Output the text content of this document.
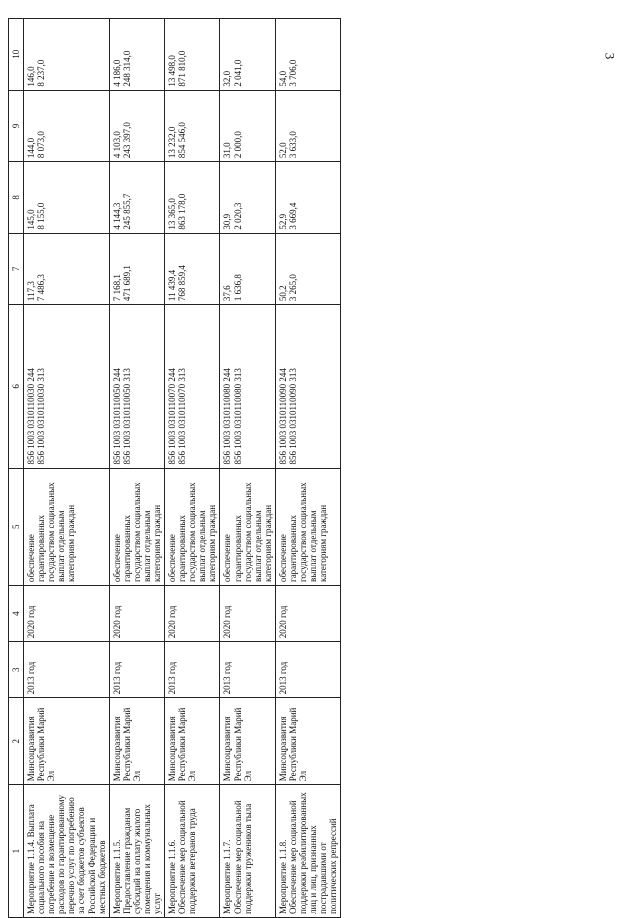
3
1	2	3	4	5	6	7	8	9	10
Мероприятие 1.1.4. Выплата социального пособия на погребение и возмещение расходов по гарантированному перечню услуг по погребению за счет бюджетов субъектов Российской Федерации и местных бюджетов	Минсоцразвития Республики Марий Эл	2013 год	2020 год	обеспечение гарантированных государством социальных выплат отдельным категориям граждан	856 1003 0310110030 244 856 1003 0310110030 313	117,3 7 486,3	145,0 8 155,0	144,0 8 073,0	146,0 8 237,0

Мероприятие 1.1.5. Предоставление гражданам субсидий на оплату жилого помещения и коммунальных услуг	Минсоцразвития Республики Марий Эл	2013 год	2020 год	обеспечение гарантированных государством социальных выплат отдельным категориям граждан	856 1003 0310110050 244 856 1003 0310110050 313	7 168,1 471 689,1	4 144,3 245 855,7	4 103,0 243 397,0	4 186,0 248 314,0

Мероприятие 1.1.6. Обеспечение мер социальной поддержки ветеранов труда	Минсоцразвития Республики Марий Эл	2013 год	2020 год	обеспечение гарантированных государством социальных выплат отдельным категориям граждан	856 1003 0310110070 244 856 1003 0310110070 313	11 439,4 768 859,4	13 365,0 863 178,0	13 232,0 854 546,0	13 498,0 871 810,0

Мероприятие 1.1.7. Обеспечение мер социальной поддержки тружеников тыла	Минсоцразвития Республики Марий Эл	2013 год	2020 год	обеспечение гарантированных государством социальных выплат отдельным категориям граждан	856 1003 0310110080 244 856 1003 0310110080 313	37,6 1 636,8	30,9 2 020,3	31,0 2 000,0	32,0 2 041,0

Мероприятие 1.1.8. Обеспечение мер социальной поддержки реабилитированных лиц и лиц, признанных пострадавшими от политических репрессий	Минсоцразвития Республики Марий Эл	2013 год	2020 год	обеспечение гарантированных государством социальных выплат отдельным категориям граждан	856 1003 0310110090 244 856 1003 0310110090 313	50,2 3 265,0	52,9 3 669,4	52,0 3 633,0	54,0 3 706,0
